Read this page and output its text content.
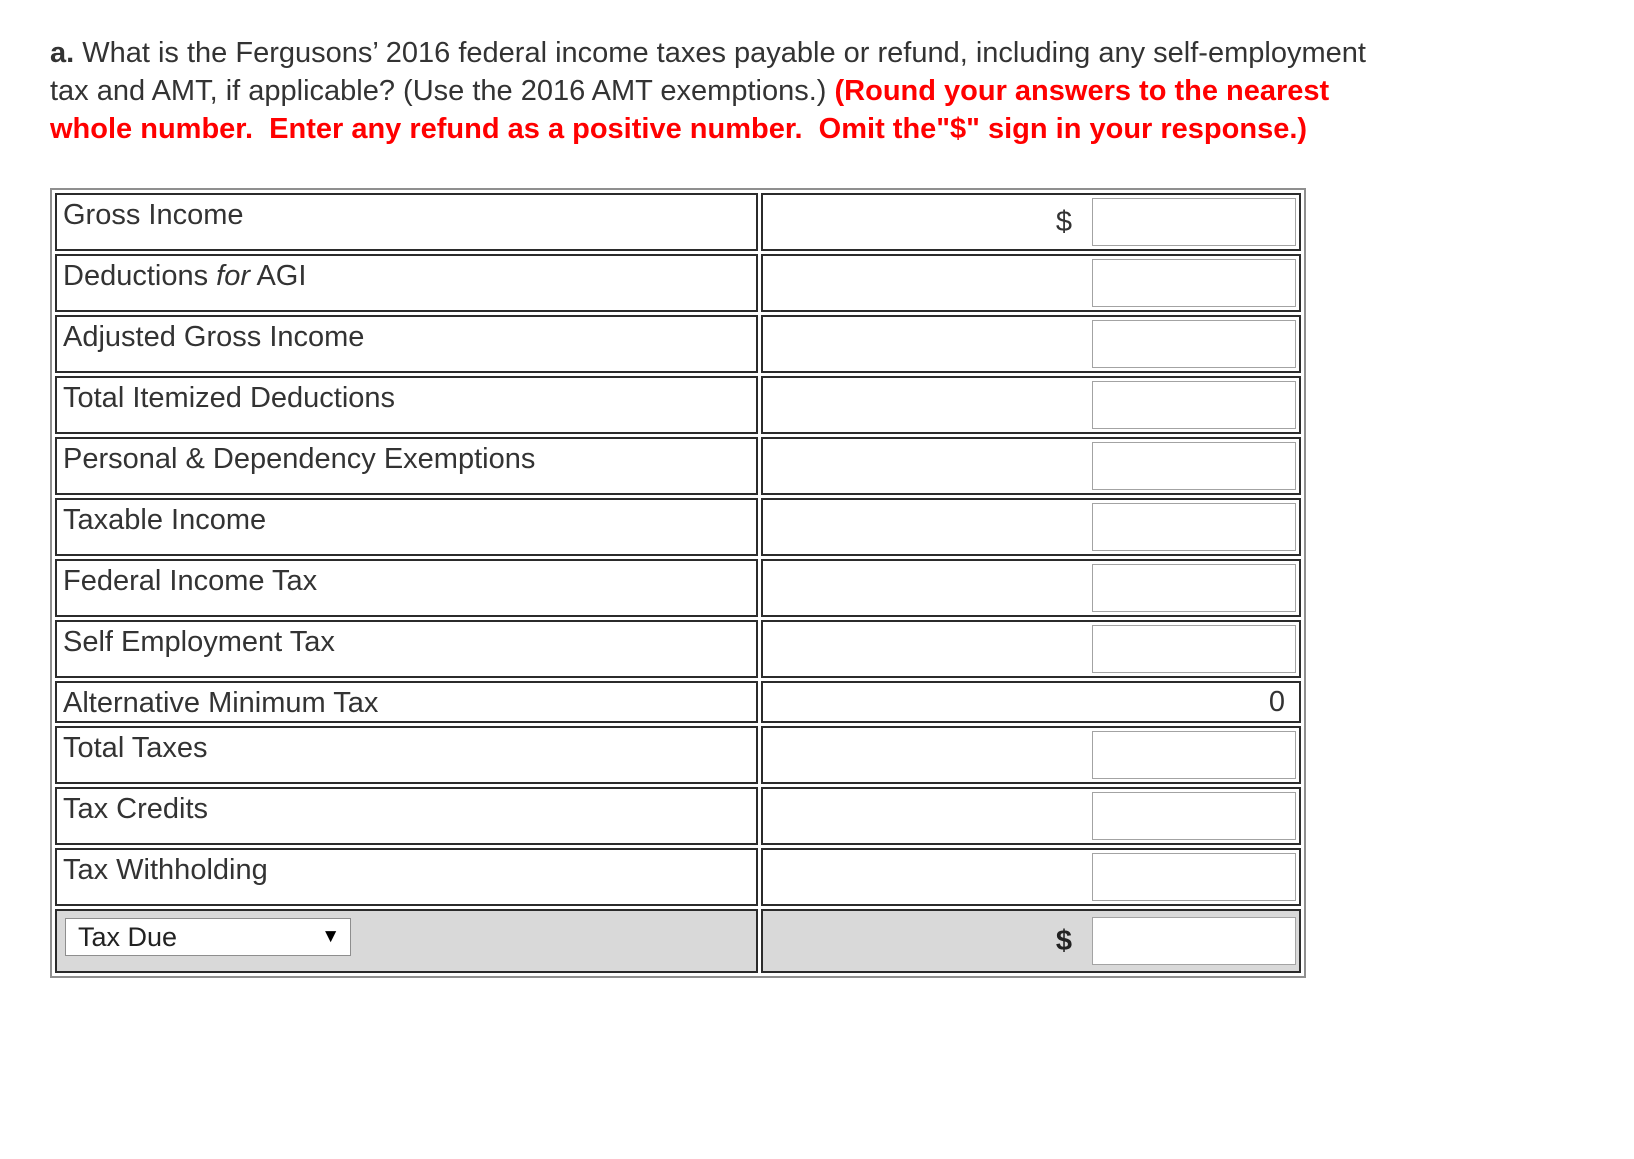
a. What is the Fergusons’ 2016 federal income taxes payable or refund, including any self-employment
tax and AMT, if applicable? (Use the 2016 AMT exemptions.) (Round your answers to the nearest
whole number.  Enter any refund as a positive number.  Omit the"$" sign in your response.)
Gross Income	$

Deductions for AGI	

Adjusted Gross Income	

Total Itemized Deductions	

Personal & Dependency Exemptions	

Taxable Income	

Federal Income Tax	

Self Employment Tax	

Alternative Minimum Tax	0

Total Taxes	

Tax Credits	

Tax Withholding	

Tax Due ▼	$
